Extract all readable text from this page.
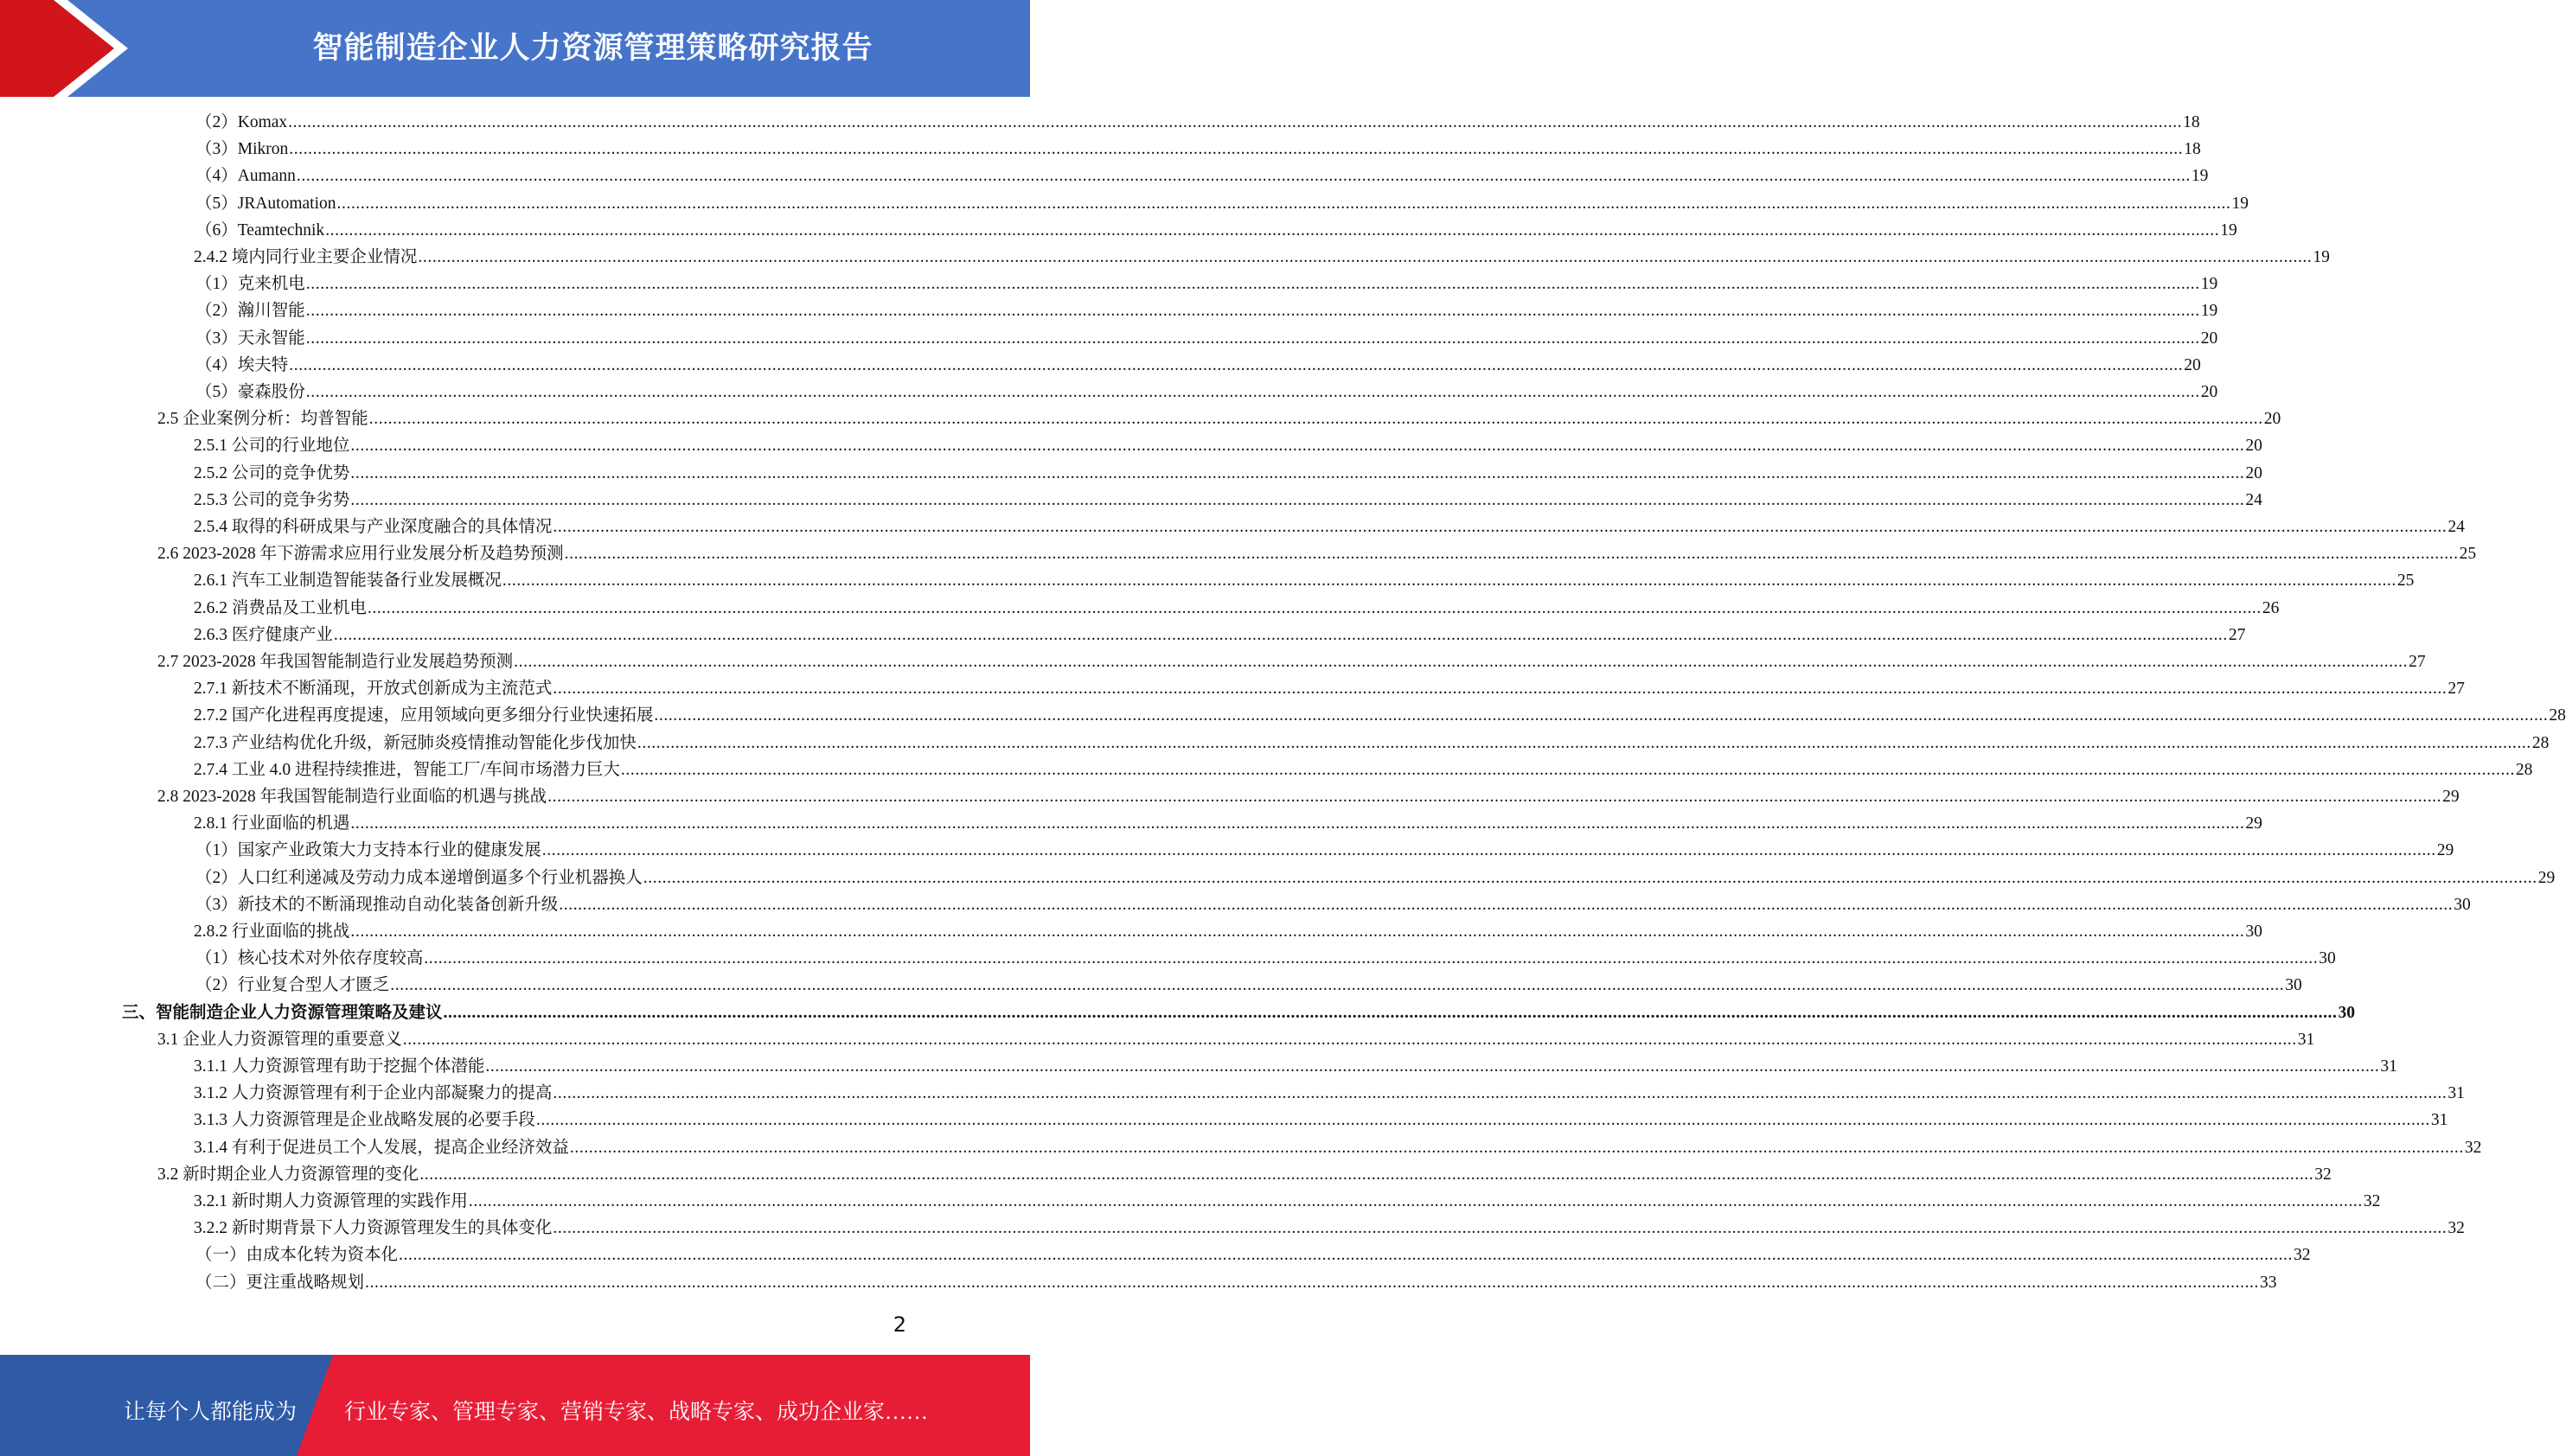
智能制造企业人力资源管理策略研究报告
（2）Komax ................................................................................................................................................................................................................................................................................................................................................................................................................ 18
（3）Mikron ................................................................................................................................................................................................................................................................................................................................................................................................................ 18
（4）Aumann ................................................................................................................................................................................................................................................................................................................................................................................................................ 19
（5）JRAutomation ................................................................................................................................................................................................................................................................................................................................................................................................................ 19
（6）Teamtechnik ................................................................................................................................................................................................................................................................................................................................................................................................................ 19
2.4.2 境内同行业主要企业情况 ................................................................................................................................................................................................................................................................................................................................................................................................................ 19
（1）克来机电 ................................................................................................................................................................................................................................................................................................................................................................................................................ 19
（2）瀚川智能 ................................................................................................................................................................................................................................................................................................................................................................................................................ 19
（3）天永智能 ................................................................................................................................................................................................................................................................................................................................................................................................................ 20
（4）埃夫特 ................................................................................................................................................................................................................................................................................................................................................................................................................ 20
（5）豪森股份 ................................................................................................................................................................................................................................................................................................................................................................................................................ 20
2.5 企业案例分析：均普智能 ................................................................................................................................................................................................................................................................................................................................................................................................................ 20
2.5.1 公司的行业地位 ................................................................................................................................................................................................................................................................................................................................................................................................................ 20
2.5.2 公司的竞争优势 ................................................................................................................................................................................................................................................................................................................................................................................................................ 20
2.5.3 公司的竞争劣势 ................................................................................................................................................................................................................................................................................................................................................................................................................ 24
2.5.4 取得的科研成果与产业深度融合的具体情况 ................................................................................................................................................................................................................................................................................................................................................................................................................ 24
2.6 2023-2028 年下游需求应用行业发展分析及趋势预测 ................................................................................................................................................................................................................................................................................................................................................................................................................ 25
2.6.1 汽车工业制造智能装备行业发展概况 ................................................................................................................................................................................................................................................................................................................................................................................................................ 25
2.6.2 消费品及工业机电 ................................................................................................................................................................................................................................................................................................................................................................................................................ 26
2.6.3 医疗健康产业 ................................................................................................................................................................................................................................................................................................................................................................................................................ 27
2.7 2023-2028 年我国智能制造行业发展趋势预测 ................................................................................................................................................................................................................................................................................................................................................................................................................ 27
2.7.1 新技术不断涌现，开放式创新成为主流范式 ................................................................................................................................................................................................................................................................................................................................................................................................................ 27
2.7.2 国产化进程再度提速，应用领域向更多细分行业快速拓展 ................................................................................................................................................................................................................................................................................................................................................................................................................ 28
2.7.3 产业结构优化升级，新冠肺炎疫情推动智能化步伐加快 ................................................................................................................................................................................................................................................................................................................................................................................................................ 28
2.7.4 工业 4.0 进程持续推进，智能工厂/车间市场潜力巨大 ................................................................................................................................................................................................................................................................................................................................................................................................................ 28
2.8 2023-2028 年我国智能制造行业面临的机遇与挑战 ................................................................................................................................................................................................................................................................................................................................................................................................................ 29
2.8.1 行业面临的机遇 ................................................................................................................................................................................................................................................................................................................................................................................................................ 29
（1）国家产业政策大力支持本行业的健康发展 ................................................................................................................................................................................................................................................................................................................................................................................................................ 29
（2）人口红利递减及劳动力成本递增倒逼多个行业机器换人 ................................................................................................................................................................................................................................................................................................................................................................................................................ 29
（3）新技术的不断涌现推动自动化装备创新升级 ................................................................................................................................................................................................................................................................................................................................................................................................................ 30
2.8.2 行业面临的挑战 ................................................................................................................................................................................................................................................................................................................................................................................................................ 30
（1）核心技术对外依存度较高 ................................................................................................................................................................................................................................................................................................................................................................................................................ 30
（2）行业复合型人才匮乏 ................................................................................................................................................................................................................................................................................................................................................................................................................ 30
三、智能制造企业人力资源管理策略及建议 ................................................................................................................................................................................................................................................................................................................................................................................................................ 30
3.1 企业人力资源管理的重要意义 ................................................................................................................................................................................................................................................................................................................................................................................................................ 31
3.1.1 人力资源管理有助于挖掘个体潜能 ................................................................................................................................................................................................................................................................................................................................................................................................................ 31
3.1.2 人力资源管理有利于企业内部凝聚力的提高 ................................................................................................................................................................................................................................................................................................................................................................................................................ 31
3.1.3 人力资源管理是企业战略发展的必要手段 ................................................................................................................................................................................................................................................................................................................................................................................................................ 31
3.1.4 有利于促进员工个人发展，提高企业经济效益 ................................................................................................................................................................................................................................................................................................................................................................................................................ 32
3.2 新时期企业人力资源管理的变化 ................................................................................................................................................................................................................................................................................................................................................................................................................ 32
3.2.1 新时期人力资源管理的实践作用 ................................................................................................................................................................................................................................................................................................................................................................................................................ 32
3.2.2 新时期背景下人力资源管理发生的具体变化 ................................................................................................................................................................................................................................................................................................................................................................................................................ 32
（一）由成本化转为资本化 ................................................................................................................................................................................................................................................................................................................................................................................................................ 32
（二）更注重战略规划 ................................................................................................................................................................................................................................................................................................................................................................................................................ 33
2
让每个人都能成为 行业专家、管理专家、营销专家、战略专家、成功企业家……
